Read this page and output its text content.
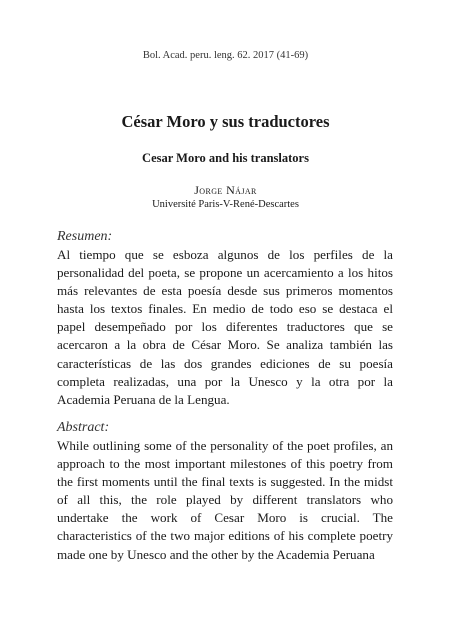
Bol. Acad. peru. leng. 62. 2017 (41-69)
César Moro y sus traductores
Cesar Moro and his translators
Jorge Nájar
Université Paris-V-René-Descartes
Resumen:
Al tiempo que se esboza algunos de los perfiles de la personalidad del poeta, se propone un acercamiento a los hitos más relevantes de esta poesía desde sus primeros momentos hasta los textos finales. En medio de todo eso se destaca el papel desempeñado por los diferentes traductores que se acercaron a la obra de César Moro. Se analiza también las características de las dos grandes ediciones de su poesía completa realizadas, una por la Unesco y la otra por la Academia Peruana de la Lengua.
Abstract:
While outlining some of the personality of the poet profiles, an approach to the most important milestones of this poetry from the first moments until the final texts is suggested. In the midst of all this, the role played by different translators who undertake the work of Cesar Moro is crucial. The characteristics of the two major editions of his complete poetry made one by Unesco and the other by the Academia Peruana
